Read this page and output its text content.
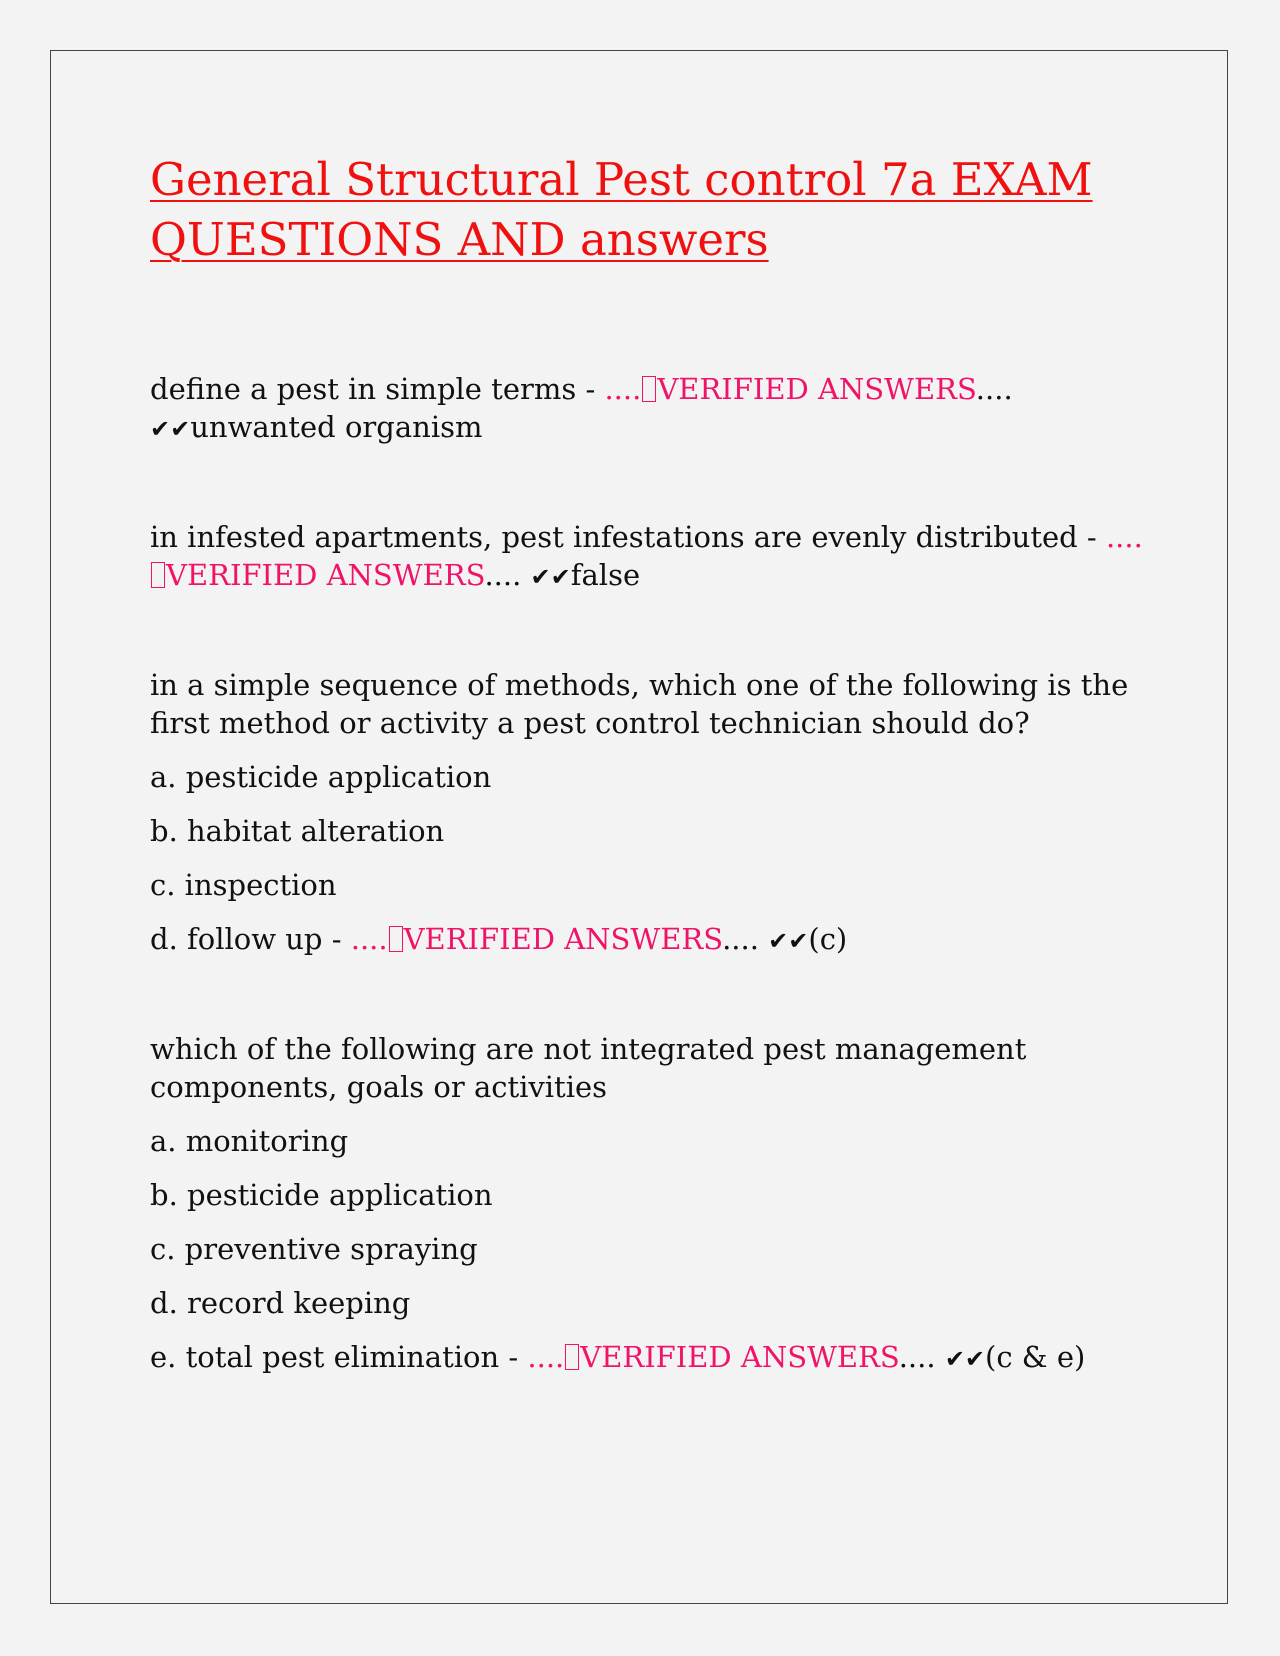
General Structural Pest control 7a EXAM QUESTIONS AND answers

define a pest in simple terms - .... VERIFIED ANSWERS.... ✔✔unwanted organism

in infested apartments, pest infestations are evenly distributed - ....VERIFIED ANSWERS.... ✔✔false

in a simple sequence of methods, which one of the following is the first method or activity a pest control technician should do?

a. pesticide application

b. habitat alteration

c. inspection

d. follow up - .... VERIFIED ANSWERS.... ✔✔(c)

which of the following are not integrated pest management components, goals or activities

a. monitoring

b. pesticide application

c. preventive spraying

d. record keeping

e. total pest elimination - .... VERIFIED ANSWERS.... ✔✔(c & e)
